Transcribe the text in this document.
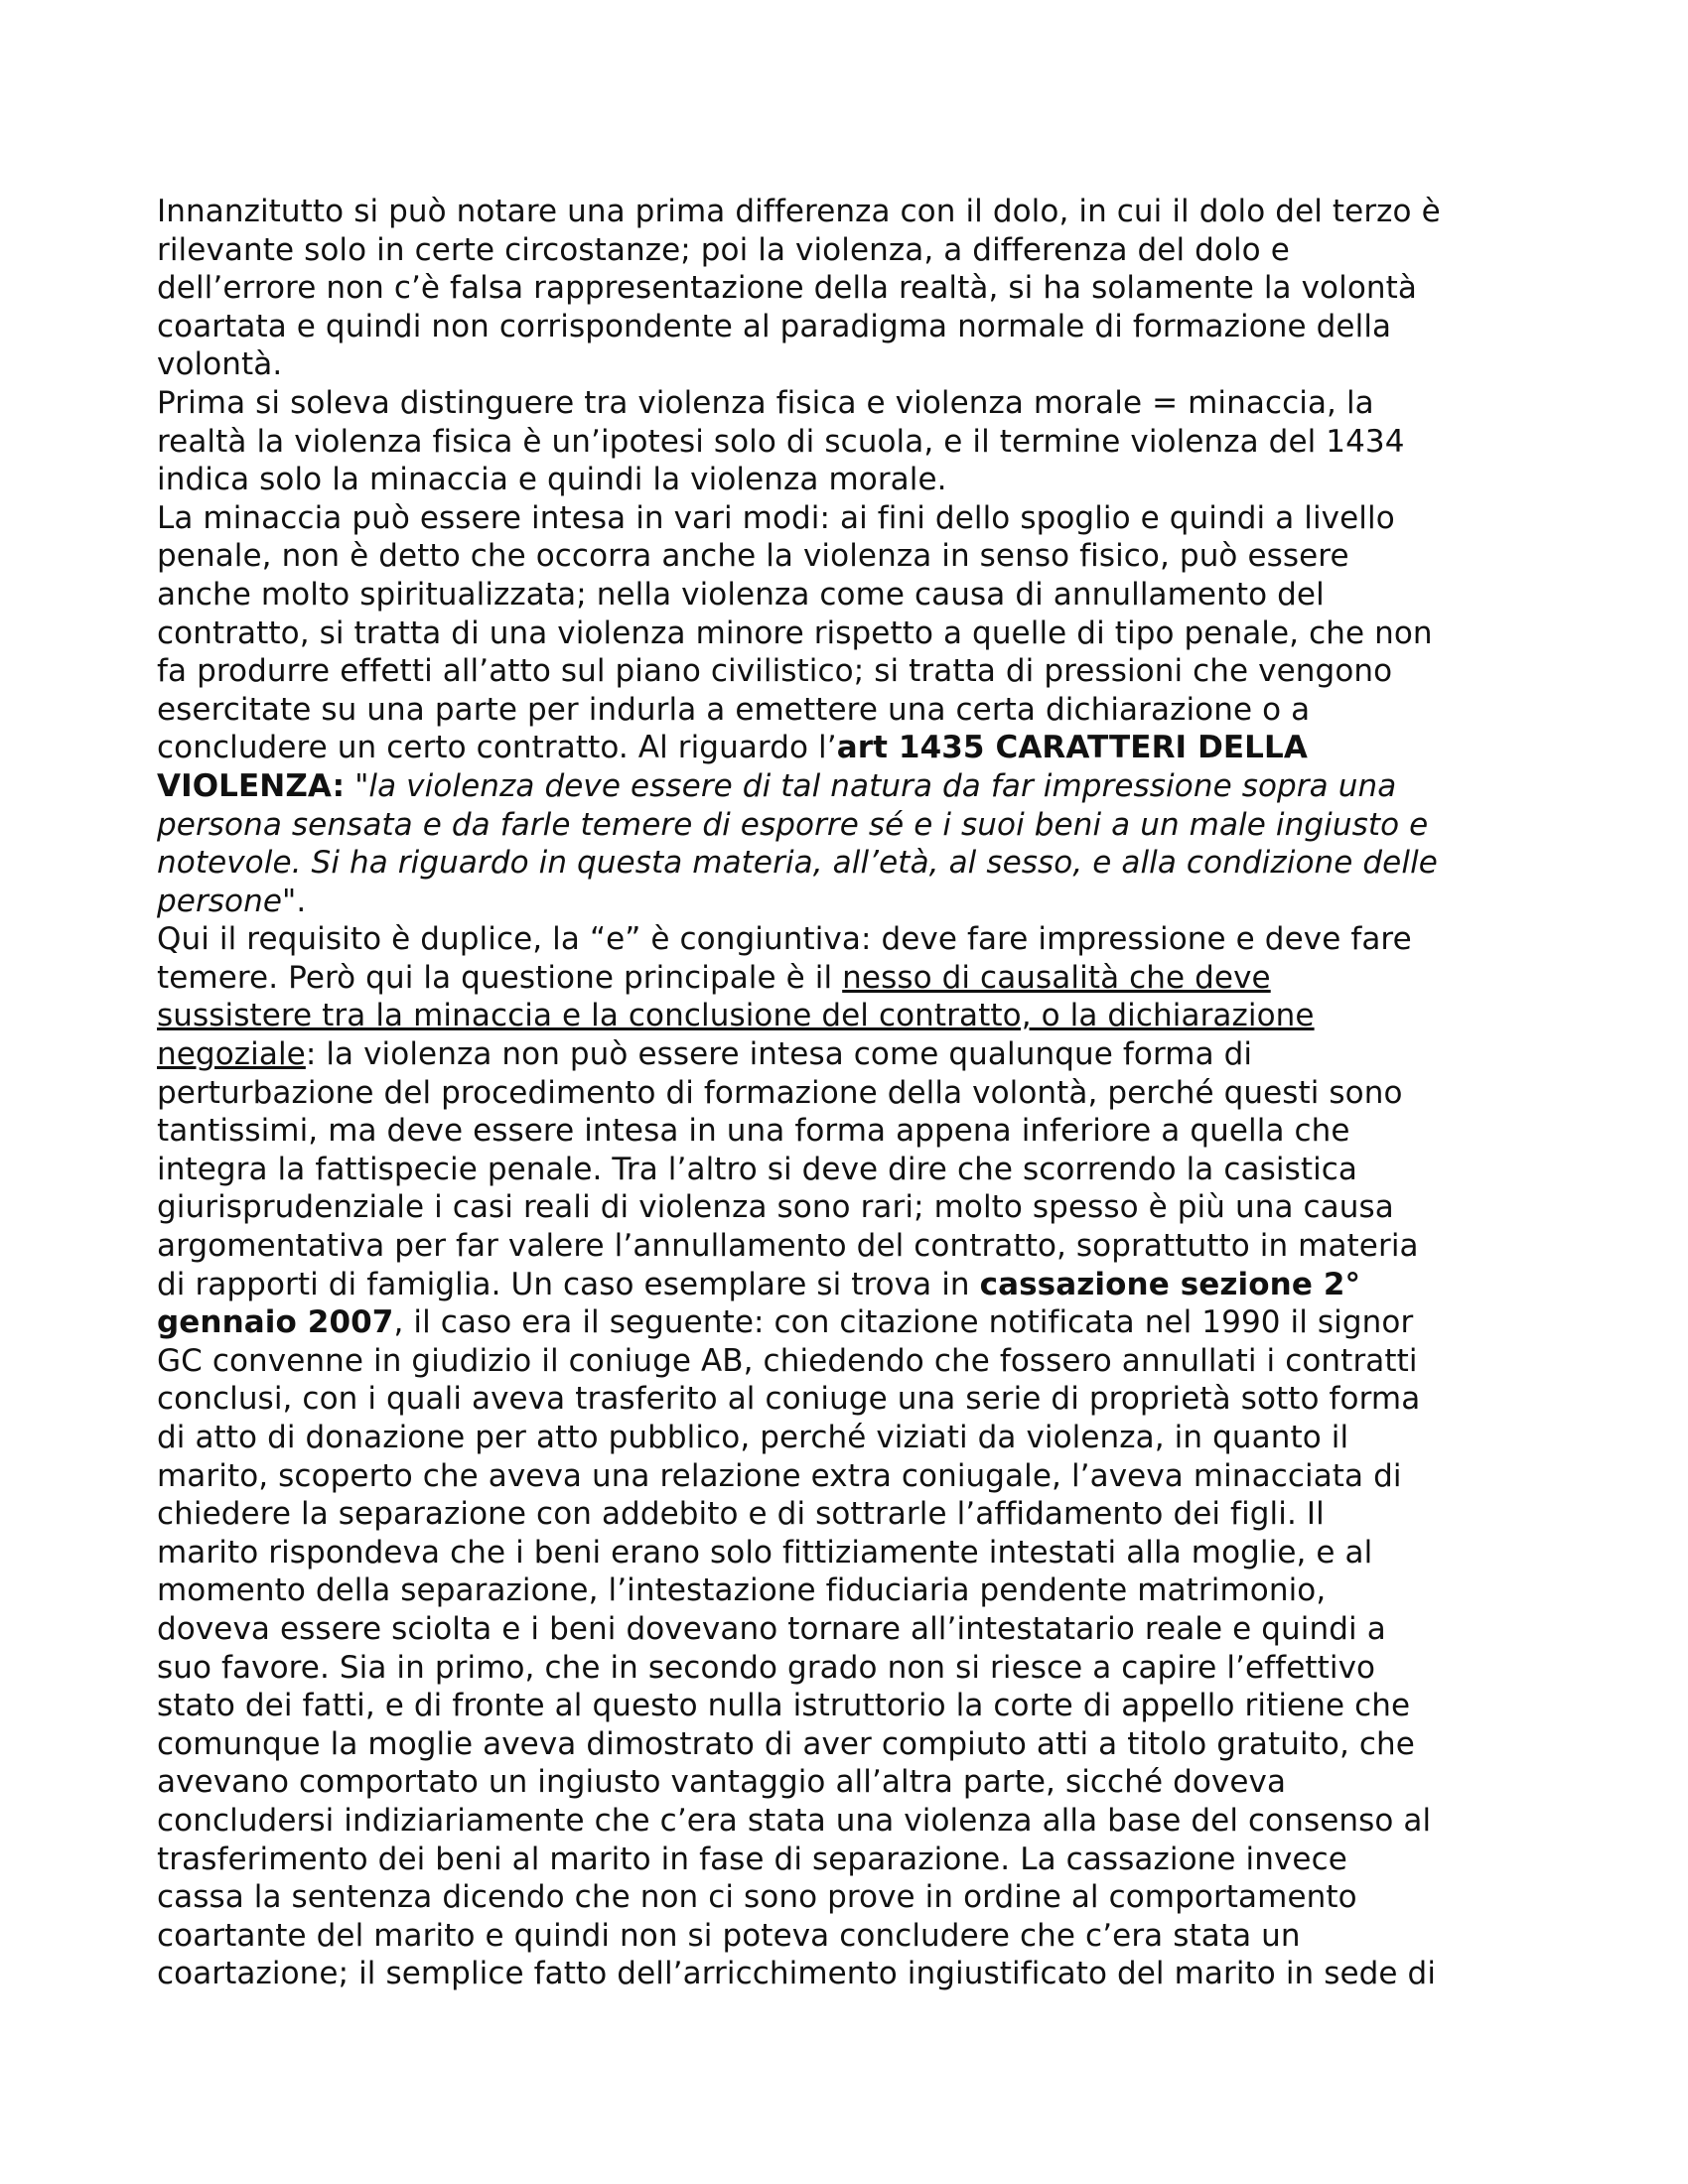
Innanzitutto si può notare una prima differenza con il dolo, in cui il dolo del terzo è
rilevante solo in certe circostanze; poi la violenza, a differenza del dolo e
dell’errore non c’è falsa rappresentazione della realtà, si ha solamente la volontà
coartata e quindi non corrispondente al paradigma normale di formazione della
volontà.

Prima si soleva distinguere tra violenza fisica e violenza morale = minaccia, la
realtà la violenza fisica è un’ipotesi solo di scuola, e il termine violenza del 1434
indica solo la minaccia e quindi la violenza morale.

La minaccia può essere intesa in vari modi: ai fini dello spoglio e quindi a livello
penale, non è detto che occorra anche la violenza in senso fisico, può essere
anche molto spiritualizzata; nella violenza come causa di annullamento del
contratto, si tratta di una violenza minore rispetto a quelle di tipo penale, che non
fa produrre effetti all’atto sul piano civilistico; si tratta di pressioni che vengono
esercitate su una parte per indurla a emettere una certa dichiarazione o a
concludere un certo contratto. Al riguardo l’art 1435 CARATTERI DELLA
VIOLENZA: "la violenza deve essere di tal natura da far impressione sopra una
persona sensata e da farle temere di esporre sé e i suoi beni a un male ingiusto e
notevole. Si ha riguardo in questa materia, all’età, al sesso, e alla condizione delle
persone".

Qui il requisito è duplice, la “e” è congiuntiva: deve fare impressione e deve fare
temere. Però qui la questione principale è il nesso di causalità che deve
sussistere tra la minaccia e la conclusione del contratto, o la dichiarazione
negoziale: la violenza non può essere intesa come qualunque forma di
perturbazione del procedimento di formazione della volontà, perché questi sono
tantissimi, ma deve essere intesa in una forma appena inferiore a quella che
integra la fattispecie penale. Tra l’altro si deve dire che scorrendo la casistica
giurisprudenziale i casi reali di violenza sono rari; molto spesso è più una causa
argomentativa per far valere l’annullamento del contratto, soprattutto in materia
di rapporti di famiglia. Un caso esemplare si trova in cassazione sezione 2°
gennaio 2007, il caso era il seguente: con citazione notificata nel 1990 il signor
GC convenne in giudizio il coniuge AB, chiedendo che fossero annullati i contratti
conclusi, con i quali aveva trasferito al coniuge una serie di proprietà sotto forma
di atto di donazione per atto pubblico, perché viziati da violenza, in quanto il
marito, scoperto che aveva una relazione extra coniugale, l’aveva minacciata di
chiedere la separazione con addebito e di sottrarle l’affidamento dei figli. Il
marito rispondeva che i beni erano solo fittiziamente intestati alla moglie, e al
momento della separazione, l’intestazione fiduciaria pendente matrimonio,
doveva essere sciolta e i beni dovevano tornare all’intestatario reale e quindi a
suo favore. Sia in primo, che in secondo grado non si riesce a capire l’effettivo
stato dei fatti, e di fronte al questo nulla istruttorio la corte di appello ritiene che
comunque la moglie aveva dimostrato di aver compiuto atti a titolo gratuito, che
avevano comportato un ingiusto vantaggio all’altra parte, sicché doveva
concludersi indiziariamente che c’era stata una violenza alla base del consenso al
trasferimento dei beni al marito in fase di separazione. La cassazione invece
cassa la sentenza dicendo che non ci sono prove in ordine al comportamento
coartante del marito e quindi non si poteva concludere che c’era stata un
coartazione; il semplice fatto dell’arricchimento ingiustificato del marito in sede di
